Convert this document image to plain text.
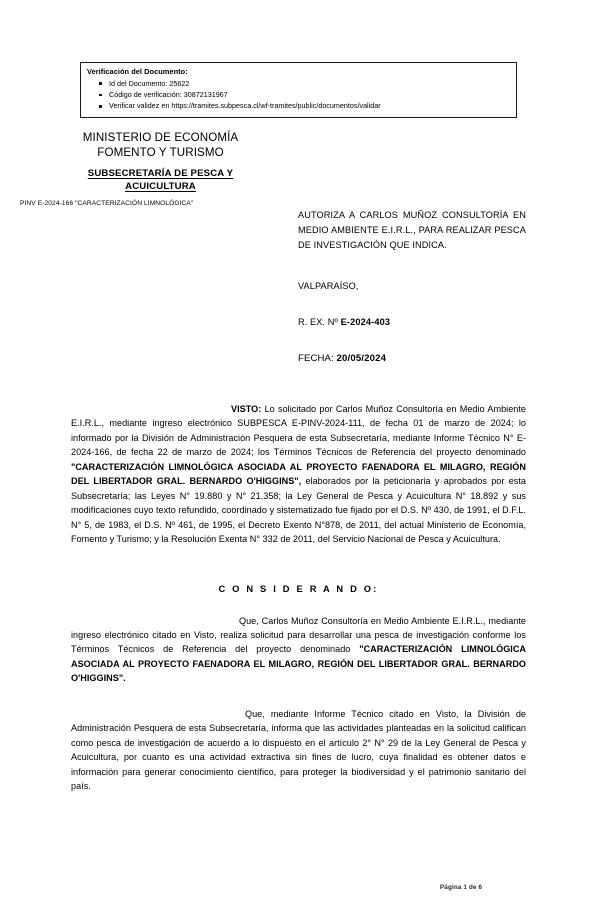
Verificación del Documento:
Id del Documento: 25622
Código de verificación: 30872131967
Verificar validez en https://tramites.subpesca.cl/wf-tramites/public/documentos/validar
MINISTERIO DE ECONOMÍA
FOMENTO Y TURISMO
SUBSECRETARÍA DE PESCA Y
ACUICULTURA
PINV E-2024-166 "CARACTERIZACIÓN LIMNOLÓGICA"
AUTORIZA A CARLOS MUÑOZ CONSULTORÍA EN MEDIO AMBIENTE E.I.R.L., PARA REALIZAR PESCA DE INVESTIGACIÓN QUE INDICA.
VALPARAÍSO,
R. EX. Nº E-2024-403
FECHA: 20/05/2024

VISTO: Lo solicitado por Carlos Muñoz Consultoría en Medio Ambiente E.I.R.L., mediante ingreso electrónico SUBPESCA E-PINV-2024-111, de fecha 01 de marzo de 2024; lo informado por la División de Administración Pesquera de esta Subsecretaría, mediante Informe Técnico N° E-2024-166, de fecha 22 de marzo de 2024; los Términos Técnicos de Referencia del proyecto denominado "CARACTERIZACIÓN LIMNOLÓGICA ASOCIADA AL PROYECTO FAENADORA EL MILAGRO, REGIÓN DEL LIBERTADOR GRAL. BERNARDO O'HIGGINS", elaborados por la peticionaria y aprobados por esta Subsecretaría; las Leyes N° 19.880 y N° 21.358; la Ley General de Pesca y Acuicultura N° 18.892 y sus modificaciones cuyo texto refundido, coordinado y sistematizado fue fijado por el D.S. Nº 430, de 1991, el D.F.L. N° 5, de 1983, el D.S. Nº 461, de 1995, el Decreto Exento N°878, de 2011, del actual Ministerio de Economía, Fomento y Turismo; y la Resolución Exenta N° 332 de 2011, del Servicio Nacional de Pesca y Acuicultura.

C O N S I D E R A N D O:

Que, Carlos Muñoz Consultoría en Medio Ambiente E.I.R.L., mediante ingreso electrónico citado en Visto, realiza solicitud para desarrollar una pesca de investigación conforme los Términos Técnicos de Referencia del proyecto denominado "CARACTERIZACIÓN LIMNOLÓGICA ASOCIADA AL PROYECTO FAENADORA EL MILAGRO, REGIÓN DEL LIBERTADOR GRAL. BERNARDO O'HIGGINS".

Que, mediante Informe Técnico citado en Visto, la División de Administración Pesquera de esta Subsecretaría, informa que las actividades planteadas en la solicitud califican como pesca de investigación de acuerdo a lo dispuesto en el artículo 2° N° 29 de la Ley General de Pesca y Acuicultura, por cuanto es una actividad extractiva sin fines de lucro, cuya finalidad es obtener datos e información para generar conocimiento científico, para proteger la biodiversidad y el patrimonio sanitario del país.

Página 1 de 6
